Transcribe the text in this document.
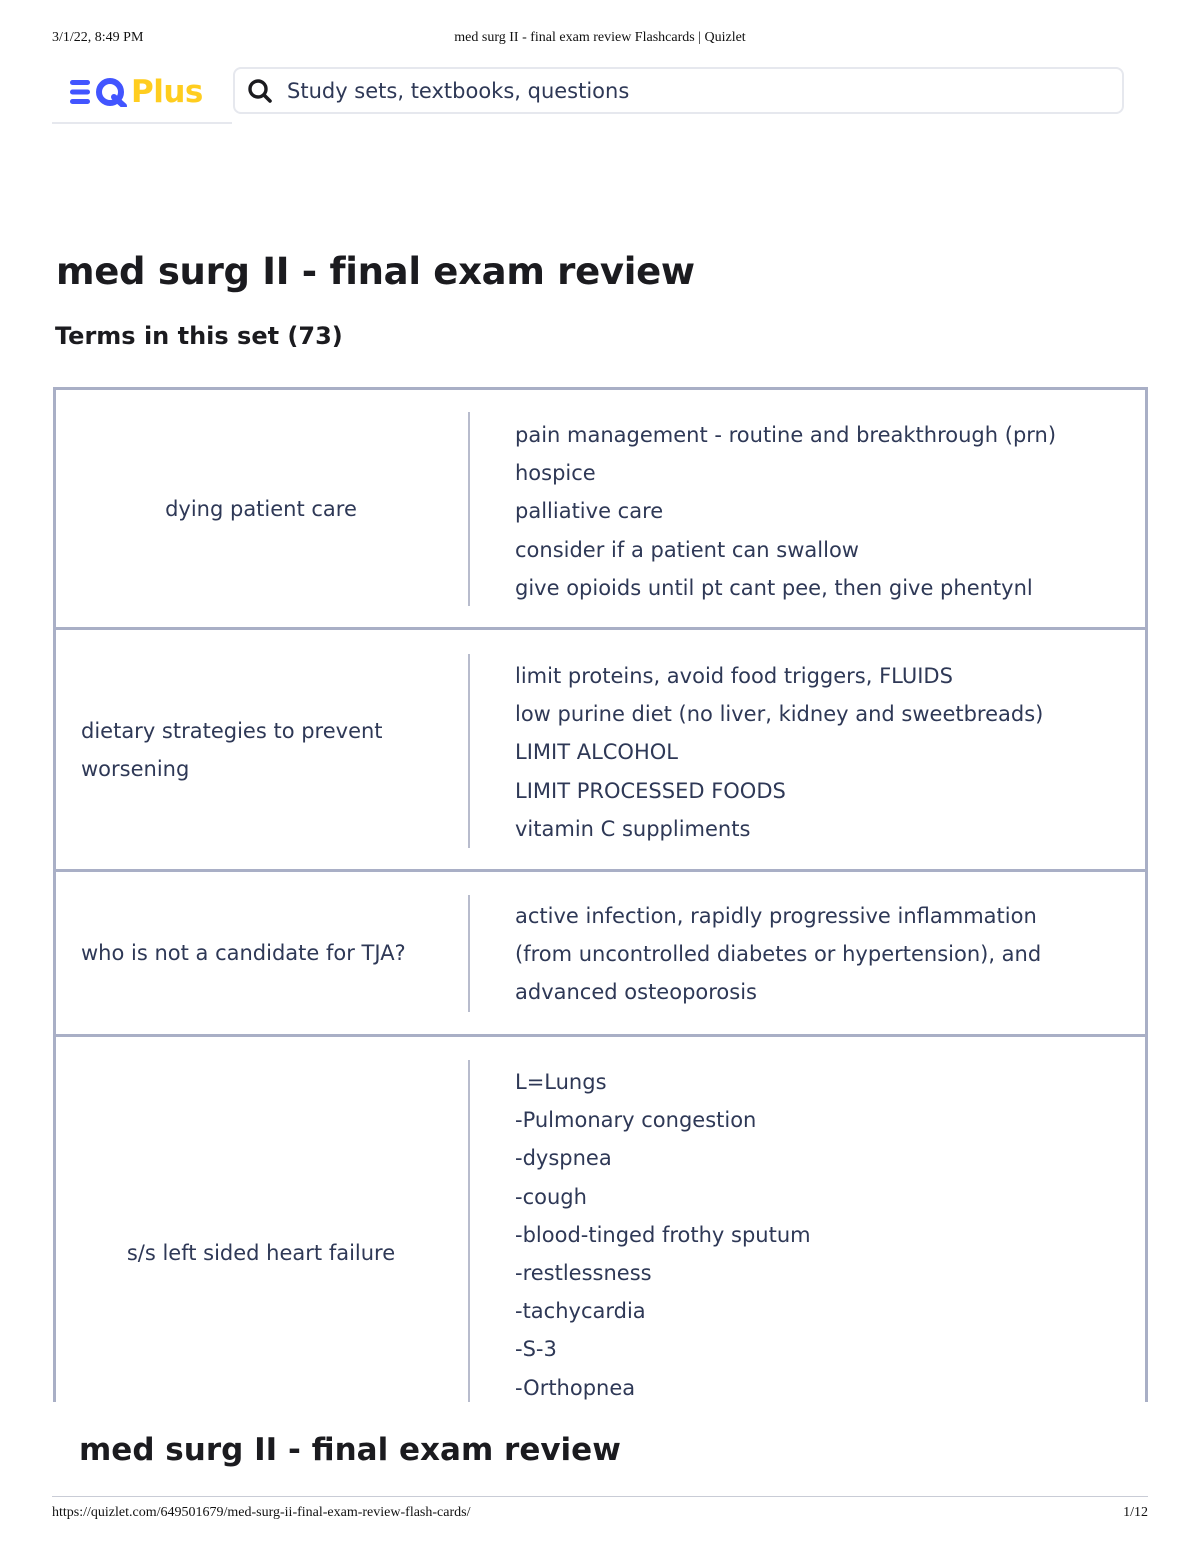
3/1/22, 8:49 PM	med surg II - final exam review Flashcards | Quizlet
Plus
Study sets, textbooks, questions
med surg II - final exam review
Terms in this set (73)
dying patient care
pain management - routine and breakthrough (prn)
hospice
palliative care
consider if a patient can swallow
give opioids until pt cant pee, then give phentynl
dietary strategies to prevent
worsening
limit proteins, avoid food triggers, FLUIDS
low purine diet (no liver, kidney and sweetbreads)
LIMIT ALCOHOL
LIMIT PROCESSED FOODS
vitamin C suppliments
who is not a candidate for TJA?
active infection, rapidly progressive inflammation
(from uncontrolled diabetes or hypertension), and
advanced osteoporosis
s/s left sided heart failure
L=Lungs
-Pulmonary congestion
-dyspnea
-cough
-blood-tinged frothy sputum
-restlessness
-tachycardia
-S-3
-Orthopnea
med surg II - final exam review
https://quizlet.com/649501679/med-surg-ii-final-exam-review-flash-cards/	1/12
